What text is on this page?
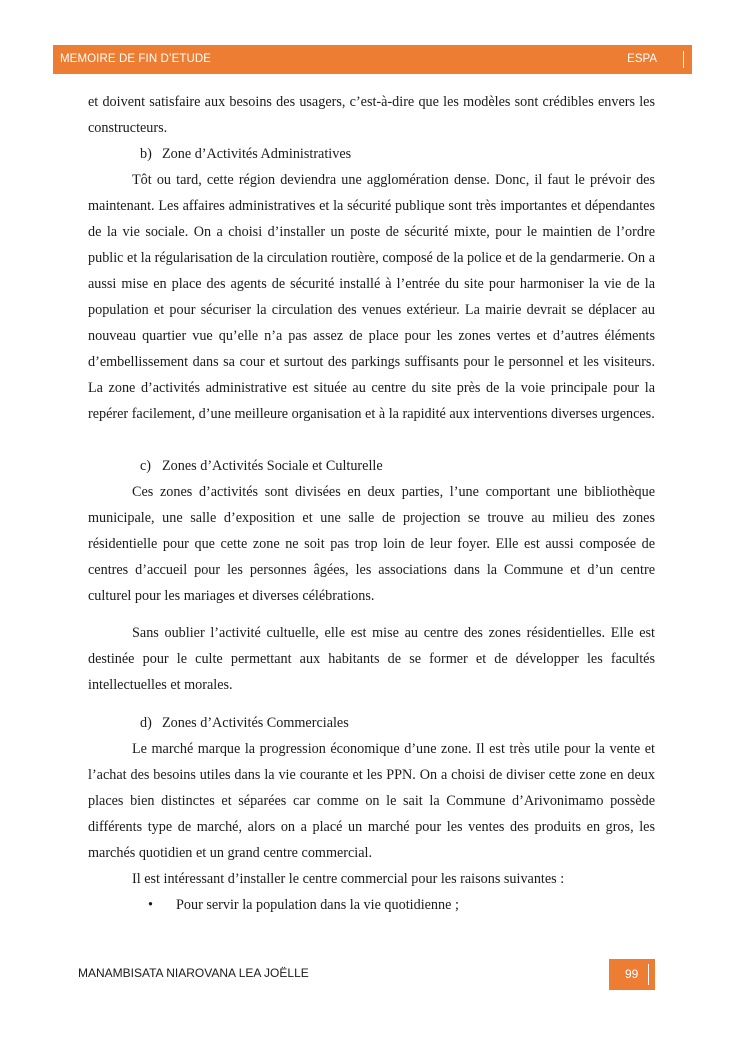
MEMOIRE DE FIN D’ETUDE	ESPA

et doivent satisfaire aux besoins des usagers, c’est-à-dire que les modèles sont crédibles envers les constructeurs.

b) Zone d’Activités Administratives

Tôt ou tard, cette région deviendra une agglomération dense. Donc, il faut le prévoir des maintenant. Les affaires administratives et la sécurité publique sont très importantes et dépendantes de la vie sociale. On a choisi d’installer un poste de sécurité mixte, pour le maintien de l’ordre public et la régularisation de la circulation routière, composé de la police et de la gendarmerie. On a aussi mise en place des agents de sécurité installé à l’entrée du site pour harmoniser la vie de la population et pour sécuriser la circulation des venues extérieur. La mairie devrait se déplacer au nouveau quartier vue qu’elle n’a pas assez de place pour les zones vertes et d’autres éléments d’embellissement dans sa cour et surtout des parkings suffisants pour le personnel et les visiteurs. La zone d’activités administrative est située au centre du site près de la voie principale pour la repérer facilement, d’une meilleure organisation et à la rapidité aux interventions diverses urgences.

c) Zones d’Activités Sociale et Culturelle

Ces zones d’activités sont divisées en deux parties, l’une comportant une bibliothèque municipale, une salle d’exposition et une salle de projection se trouve au milieu des zones résidentielle pour que cette zone ne soit pas trop loin de leur foyer. Elle est aussi composée de centres d’accueil pour les personnes âgées, les associations dans la Commune et d’un centre culturel pour les mariages et diverses célébrations.

Sans oublier l’activité cultuelle, elle est mise au centre des zones résidentielles. Elle est destinée pour le culte permettant aux habitants de se former et de développer les facultés intellectuelles et morales.

d) Zones d’Activités Commerciales

Le marché marque la progression économique d’une zone. Il est très utile pour la vente et l’achat des besoins utiles dans la vie courante et les PPN. On a choisi de diviser cette zone en deux places bien distinctes et séparées car comme on le sait la Commune d’Arivonimamo possède différents type de marché, alors on a placé un marché pour les ventes des produits en gros, les marchés quotidien et un grand centre commercial.

Il est intéressant d’installer le centre commercial pour les raisons suivantes :

• Pour servir la population dans la vie quotidienne ;

MANAMBISATA NIAROVANA LEA JOËLLE	99
